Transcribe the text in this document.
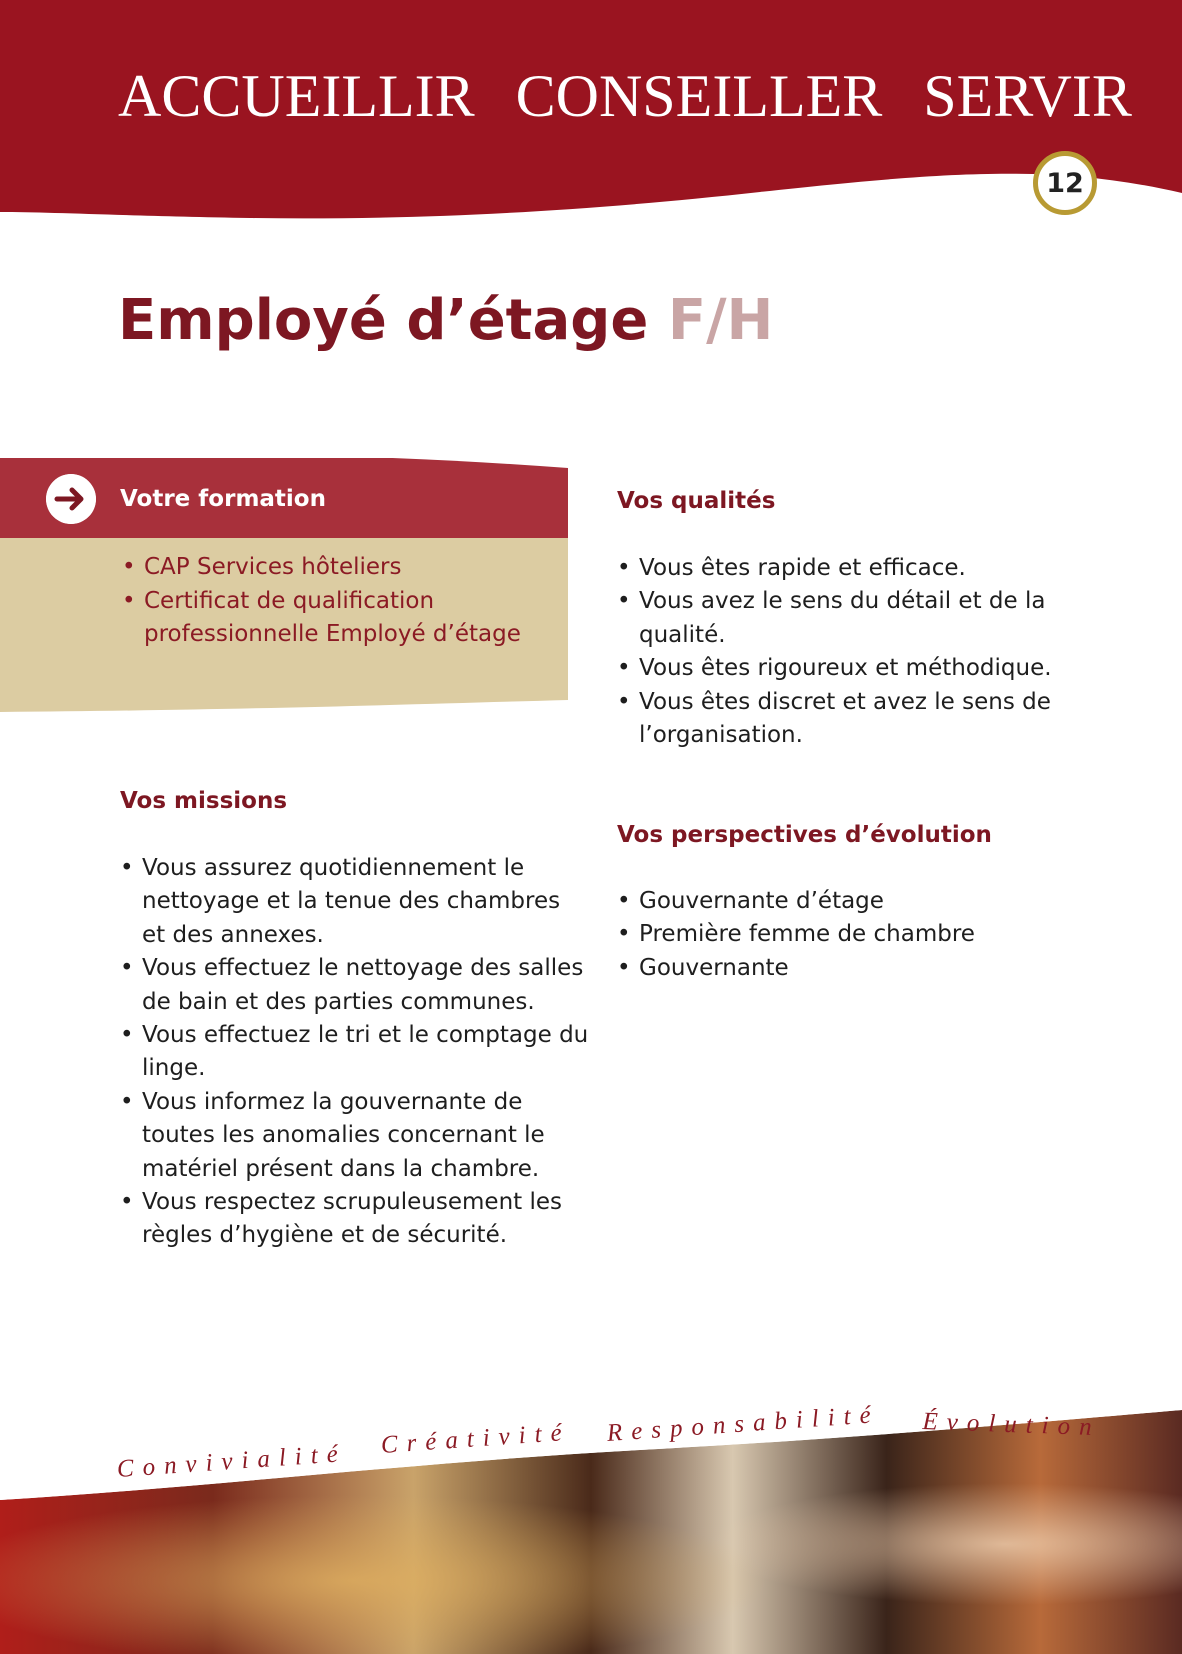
ACCUEILLIR CONSEILLER SERVIR
12
Employé d’étage F/H
Votre formation
• CAP Services hôteliers
• Certificat de qualification professionnelle Employé d’étage
Vos missions
• Vous assurez quotidiennement le nettoyage et la tenue des chambres et des annexes.
• Vous effectuez le nettoyage des salles de bain et des parties communes.
• Vous effectuez le tri et le comptage du linge.
• Vous informez la gouvernante de toutes les anomalies concernant le matériel présent dans la chambre.
• Vous respectez scrupuleusement les règles d’hygiène et de sécurité.
Vos qualités
• Vous êtes rapide et efficace.
• Vous avez le sens du détail et de la qualité.
• Vous êtes rigoureux et méthodique.
• Vous êtes discret et avez le sens de l’organisation.
Vos perspectives d’évolution
• Gouvernante d’étage
• Première femme de chambre
• Gouvernante
Convivialité
Créativité Responsabilité Évolution
